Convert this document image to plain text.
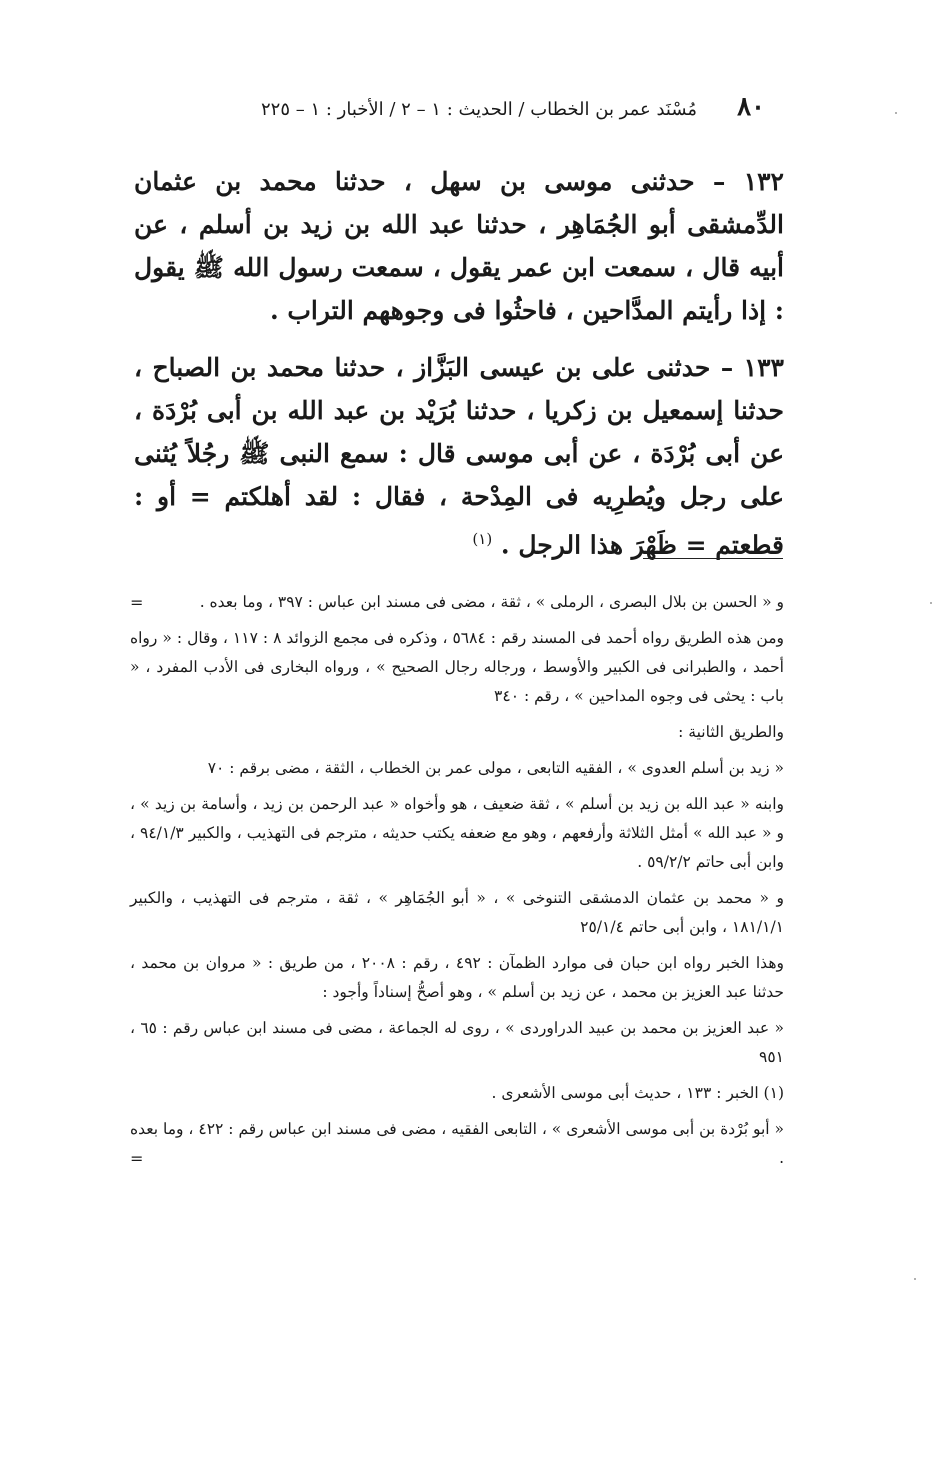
٨٠
مُسْنَد عمر بن الخطاب / الحديث : ١ – ٢ / الأخبار : ١ – ٢٢٥

١٣٢ – حدثنى موسى بن سهل ، حدثنا محمد بن عثمان الدِّمشقى أبو الجُمَاهِر ، حدثنا عبد الله بن زيد بن أسلم ، عن أبيه قال ، سمعت ابن عمر يقول ، سمعت رسول الله ﷺ يقول : إذا رأيتم المدَّاحين ، فاحثُوا فى وجوههم التراب .

١٣٣ – حدثنى على بن عيسى البَزَّاز ، حدثنا محمد بن الصباح ، حدثنا إسمعيل بن زكريا ، حدثنا بُرَيْد بن عبد الله بن أبى بُرْدَة ، عن أبى بُرْدَة ، عن أبى موسى قال : سمع النبى ﷺ رجُلاً يُثنى على رجل ويُطرِيه فى المِدْحة ، فقال : لقد أهلكتم = أو : قطعتم = ظَهْرَ هذا الرجل . $^{(١)}$

و « الحسن بن بلال البصرى ، الرملى » ، ثقة ، مضى فى مسند ابن عباس : ٣٩٧ ، وما بعده .
=

ومن هذه الطريق رواه أحمد فى المسند رقم : ٥٦٨٤ ، وذكره فى مجمع الزوائد ٨ : ١١٧ ، وقال : « رواه أحمد ، والطبرانى فى الكبير والأوسط ، ورجاله رجال الصحيح » ، ورواه البخارى فى الأدب المفرد ، « باب : يحثى فى وجوه المداحين » ، رقم : ٣٤٠

والطريق الثانية :

« زيد بن أسلم العدوى » ، الفقيه التابعى ، مولى عمر بن الخطاب ، الثقة ، مضى برقم : ٧٠

وابنه « عبد الله بن زيد بن أسلم » ، ثقة ضعيف ، هو وأخواه « عبد الرحمن بن زيد ، وأسامة بن زيد » ، و « عبد الله » أمثل الثلاثة وأرفعهم ، وهو مع ضعفه يكتب حديثه ، مترجم فى التهذيب ، والكبير ٩٤/١/٣ ، وابن أبى حاتم ٥٩/٢/٢ .

و « محمد بن عثمان الدمشقى التنوخى » ، « أبو الجُمَاهِر » ، ثقة ، مترجم فى التهذيب ، والكبير ١٨١/١/١ ، وابن أبى حاتم ٢٥/١/٤

وهذا الخبر رواه ابن حبان فى موارد الظمآن : ٤٩٢ ، رقم : ٢٠٠٨ ، من طريق : « مروان بن محمد ، حدثنا عبد العزيز بن محمد ، عن زيد بن أسلم » ، وهو أصحُّ إسناداً وأجود :

« عبد العزيز بن محمد بن عبيد الدراوردى » ، روى له الجماعة ، مضى فى مسند ابن عباس رقم : ٦٥ ، ٩٥١

(١) الخبر : ١٣٣ ، حديث أبى موسى الأشعرى .

« أبو بُرْدة بن أبى موسى الأشعرى » ، التابعى الفقيه ، مضى فى مسند ابن عباس رقم : ٤٢٢ ، وما بعده .
=
